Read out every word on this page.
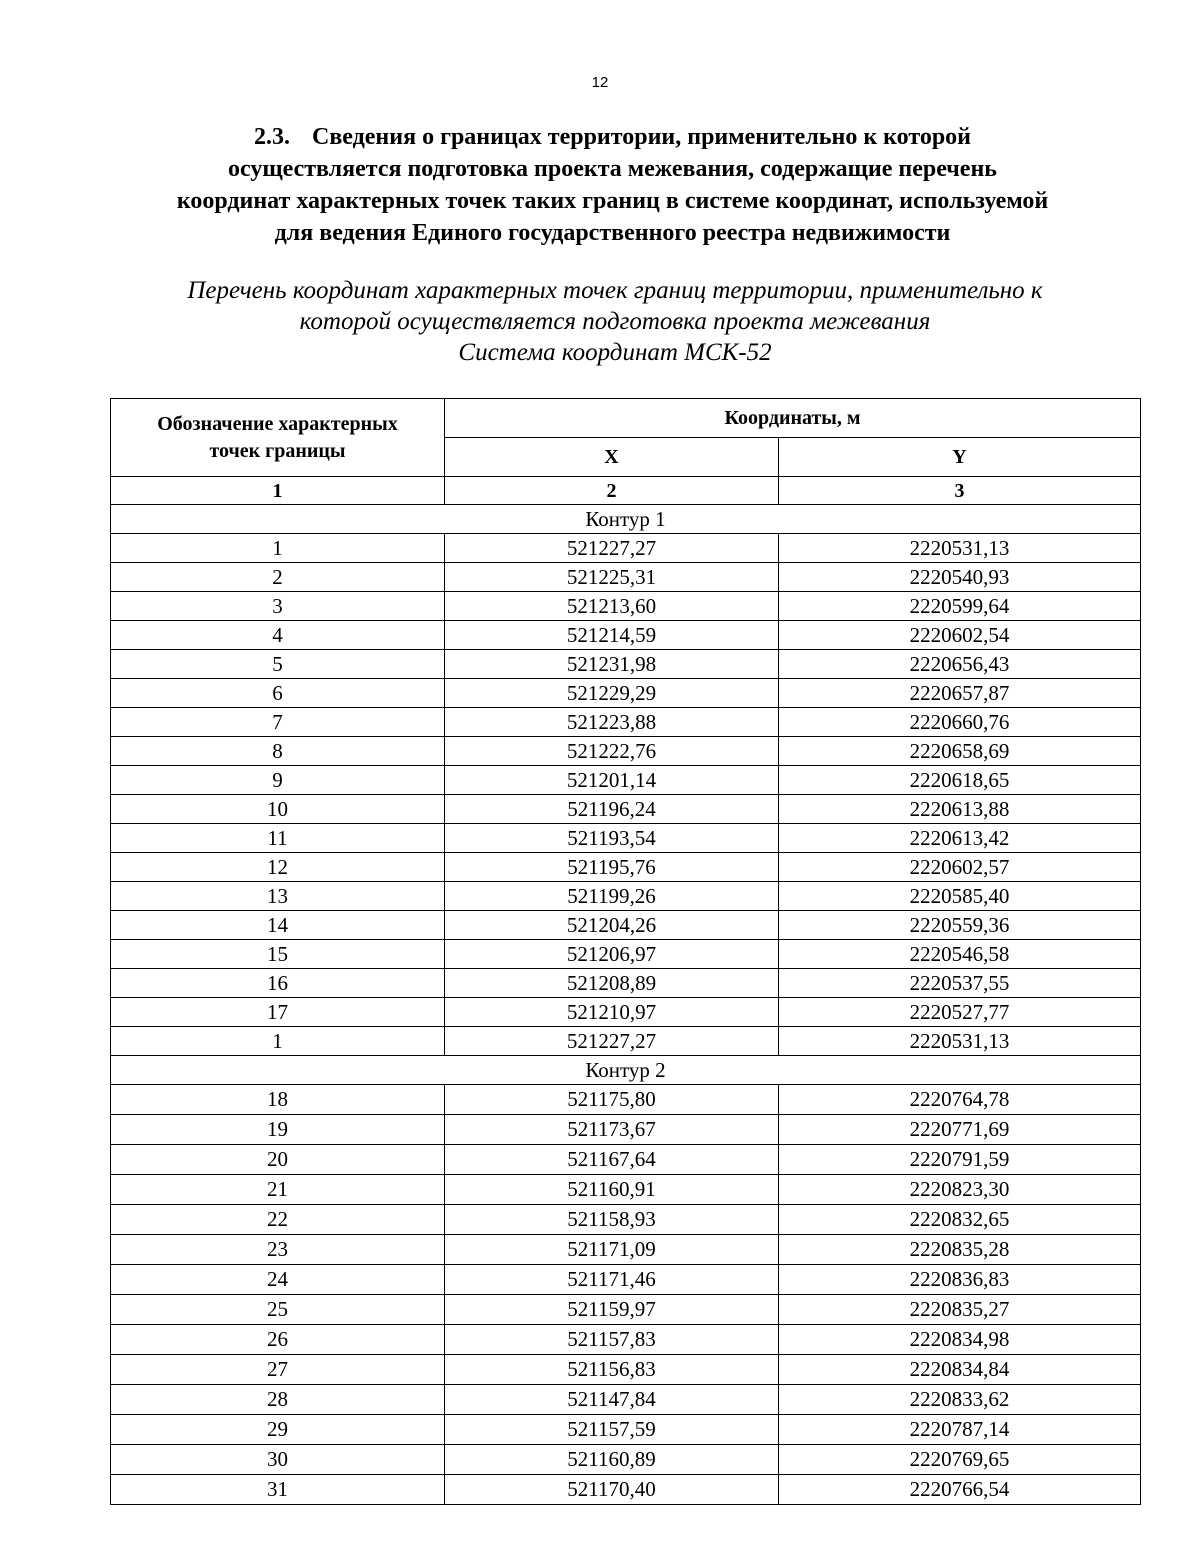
12
2.3. Сведения о границах территории, применительно к которой
осуществляется подготовка проекта межевания, содержащие перечень
координат характерных точек таких границ в системе координат, используемой
для ведения Единого государственного реестра недвижимости

Перечень координат характерных точек границ территории, применительно к
которой осуществляется подготовка проекта межевания
Система координат МСК-52

Обозначение характерных
точек границы	Координаты, м	
	X	Y
1	2	3
Контур 1		
1	521227,27	2220531,13
2	521225,31	2220540,93
3	521213,60	2220599,64
4	521214,59	2220602,54
5	521231,98	2220656,43
6	521229,29	2220657,87
7	521223,88	2220660,76
8	521222,76	2220658,69
9	521201,14	2220618,65
10	521196,24	2220613,88
11	521193,54	2220613,42
12	521195,76	2220602,57
13	521199,26	2220585,40
14	521204,26	2220559,36
15	521206,97	2220546,58
16	521208,89	2220537,55
17	521210,97	2220527,77
1	521227,27	2220531,13
Контур 2		
18	521175,80	2220764,78
19	521173,67	2220771,69
20	521167,64	2220791,59
21	521160,91	2220823,30
22	521158,93	2220832,65
23	521171,09	2220835,28
24	521171,46	2220836,83
25	521159,97	2220835,27
26	521157,83	2220834,98
27	521156,83	2220834,84
28	521147,84	2220833,62
29	521157,59	2220787,14
30	521160,89	2220769,65
31	521170,40	2220766,54
